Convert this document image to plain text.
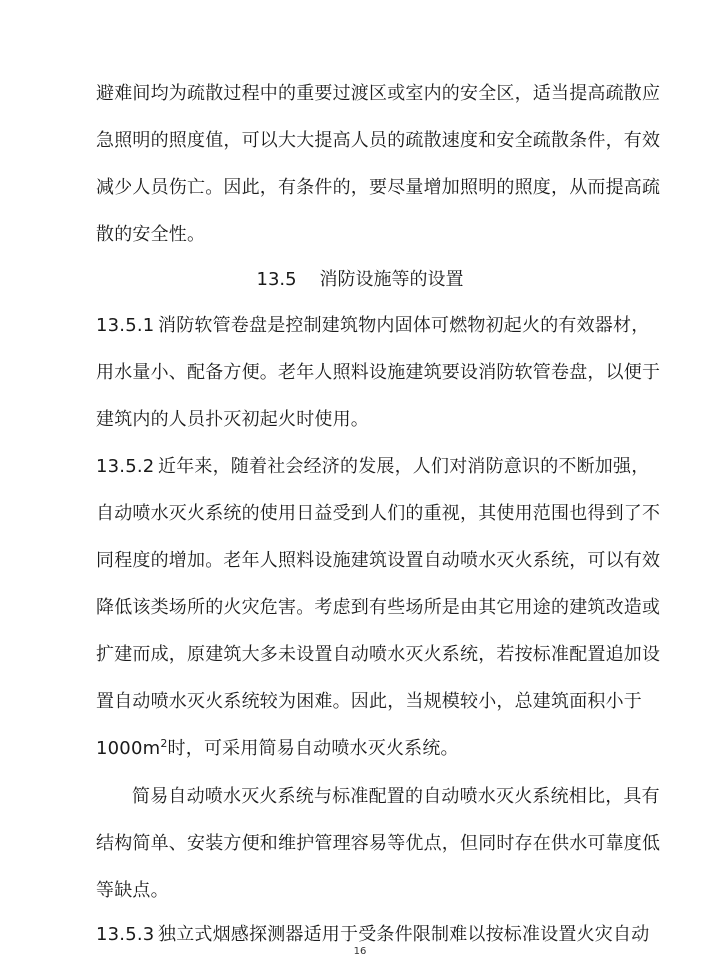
避难间均为疏散过程中的重要过渡区或室内的安全区，适当提高疏散应
急照明的照度值，可以大大提高人员的疏散速度和安全疏散条件，有效
减少人员伤亡。因此，有条件的，要尽量增加照明的照度，从而提高疏
散的安全性。
13.5 消防设施等的设置
13.5.1 消防软管卷盘是控制建筑物内固体可燃物初起火的有效器材，
用水量小、配备方便。老年人照料设施建筑要设消防软管卷盘，以便于
建筑内的人员扑灭初起火时使用。
13.5.2 近年来，随着社会经济的发展，人们对消防意识的不断加强，
自动喷水灭火系统的使用日益受到人们的重视，其使用范围也得到了不
同程度的增加。老年人照料设施建筑设置自动喷水灭火系统，可以有效
降低该类场所的火灾危害。考虑到有些场所是由其它用途的建筑改造或
扩建而成，原建筑大多未设置自动喷水灭火系统，若按标准配置追加设
置自动喷水灭火系统较为困难。因此，当规模较小，总建筑面积小于
$1000m^2$时，可采用简易自动喷水灭火系统。
简易自动喷水灭火系统与标准配置的自动喷水灭火系统相比，具有
结构简单、安装方便和维护管理容易等优点，但同时存在供水可靠度低
等缺点。
13.5.3 独立式烟感探测器适用于受条件限制难以按标准设置火灾自动
16
